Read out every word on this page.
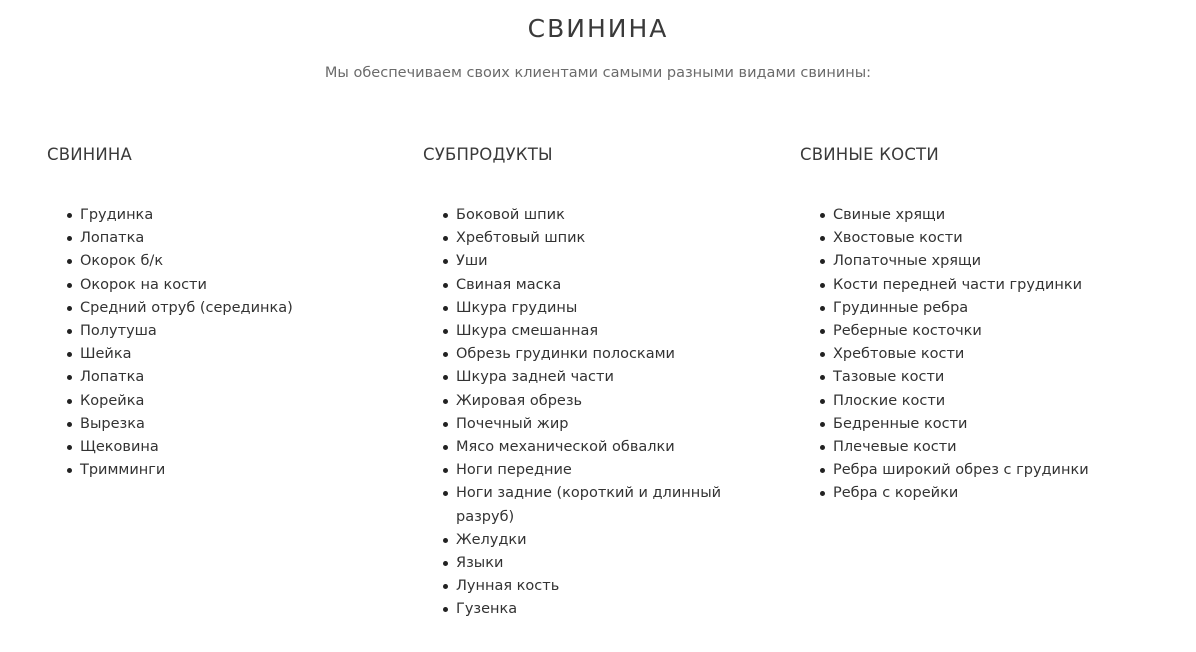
СВИНИНА

Мы обеспечиваем своих клиентами самыми разными видами свинины:

СВИНИНА
Грудинка
Лопатка
Окорок б/к
Окорок на кости
Средний отруб (серединка)
Полутуша
Шейка
Лопатка
Корейка
Вырезка
Щековина
Тримминги
СУБПРОДУКТЫ
Боковой шпик
Хребтовый шпик
Уши
Свиная маска
Шкура грудины
Шкура смешанная
Обрезь грудинки полосками
Шкура задней части
Жировая обрезь
Почечный жир
Мясо механической обвалки
Ноги передние
Ноги задние (короткий и длинный разруб)
Желудки
Языки
Лунная кость
Гузенка
СВИНЫЕ КОСТИ
Свиные хрящи
Хвостовые кости
Лопаточные хрящи
Кости передней части грудинки
Грудинные ребра
Реберные косточки
Хребтовые кости
Тазовые кости
Плоские кости
Бедренные кости
Плечевые кости
Ребра широкий обрез с грудинки
Ребра с корейки
